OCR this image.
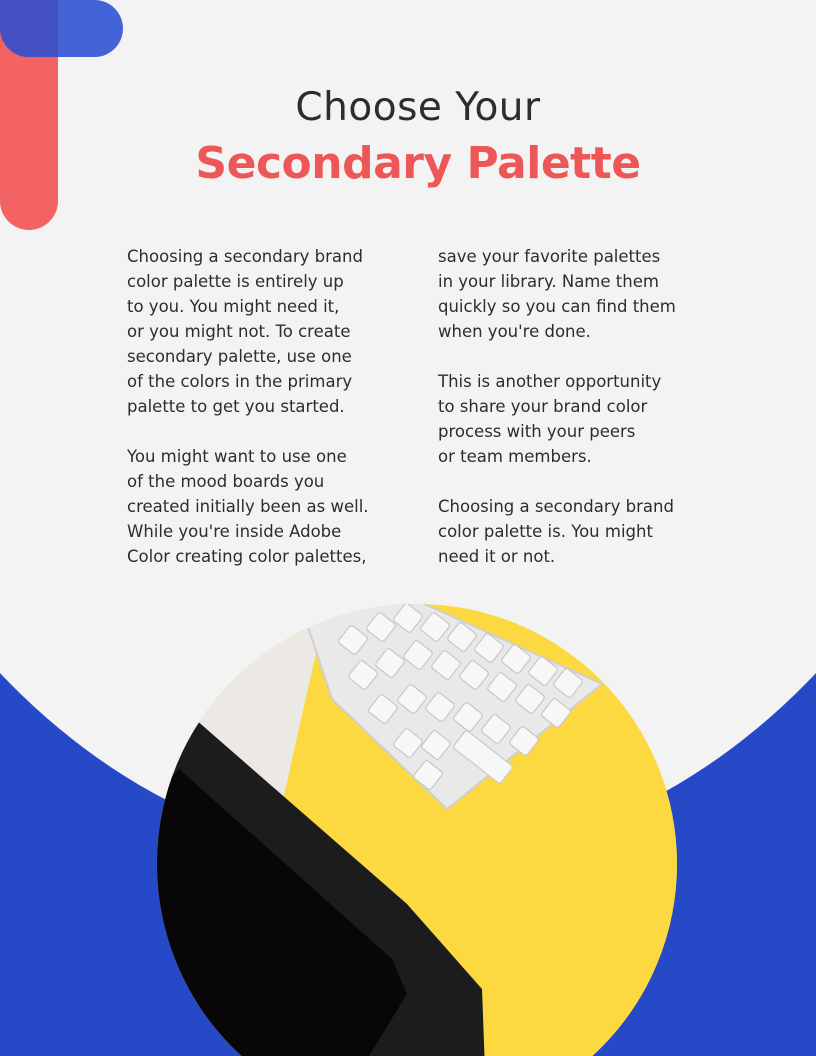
Choose Your
Secondary Palette

Choosing a secondary brand
color palette is entirely up
to you. You might need it,
or you might not. To create
secondary palette, use one
of the colors in the primary
palette to get you started.

You might want to use one
of the mood boards you
created initially been as well.
While you're inside Adobe
Color creating color palettes,

save your favorite palettes
in your library. Name them
quickly so you can find them
when you're done.

This is another opportunity
to share your brand color
process with your peers
or team members.

Choosing a secondary brand
color palette is. You might
need it or not.
